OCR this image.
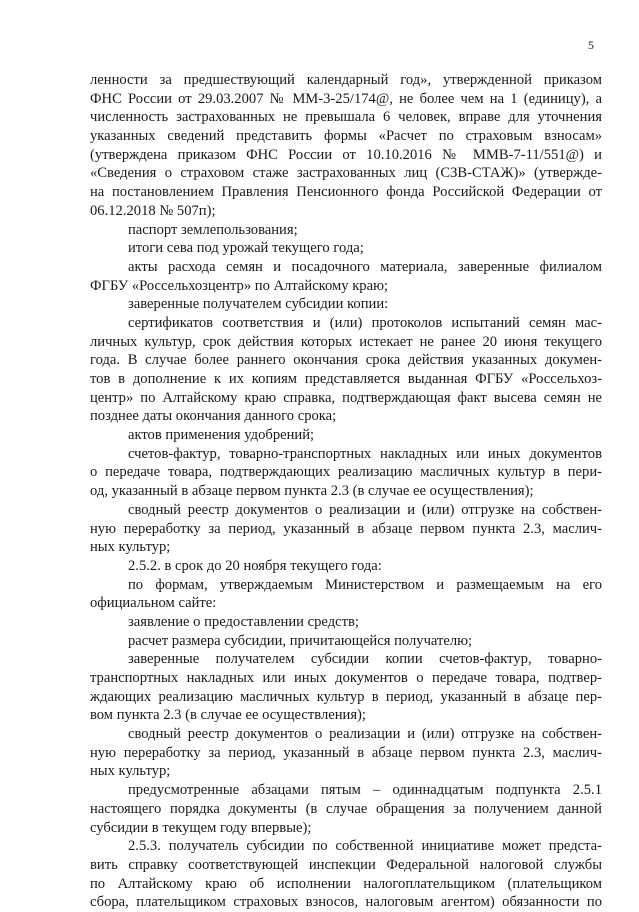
5
ленности за предшествующий календарный год», утвержденной приказом
ФНС России от 29.03.2007 № ММ-3-25/174@, не более чем на 1 (единицу), а
численность застрахованных не превышала 6 человек, вправе для уточнения
указанных сведений представить формы «Расчет по страховым взносам»
(утверждена приказом ФНС России от 10.10.2016 № ММВ-7-11/551@) и
«Сведения о страховом стаже застрахованных лиц (СЗВ-СТАЖ)» (утвержде-
на постановлением Правления Пенсионного фонда Российской Федерации от
06.12.2018 № 507п);
паспорт землепользования;
итоги сева под урожай текущего года;
акты расхода семян и посадочного материала, заверенные филиалом
ФГБУ «Россельхозцентр» по Алтайскому краю;
заверенные получателем субсидии копии:
сертификатов соответствия и (или) протоколов испытаний семян мас-
личных культур, срок действия которых истекает не ранее 20 июня текущего
года. В случае более раннего окончания срока действия указанных докумен-
тов в дополнение к их копиям представляется выданная ФГБУ «Россельхоз-
центр» по Алтайскому краю справка, подтверждающая факт высева семян не
позднее даты окончания данного срока;
актов применения удобрений;
счетов-фактур, товарно-транспортных накладных или иных документов
о передаче товара, подтверждающих реализацию масличных культур в пери-
од, указанный в абзаце первом пункта 2.3 (в случае ее осуществления);
сводный реестр документов о реализации и (или) отгрузке на собствен-
ную переработку за период, указанный в абзаце первом пункта 2.3, маслич-
ных культур;
2.5.2. в срок до 20 ноября текущего года:
по формам, утверждаемым Министерством и размещаемым на его
официальном сайте:
заявление о предоставлении средств;
расчет размера субсидии, причитающейся получателю;
заверенные получателем субсидии копии счетов-фактур, товарно-
транспортных накладных или иных документов о передаче товара, подтвер-
ждающих реализацию масличных культур в период, указанный в абзаце пер-
вом пункта 2.3 (в случае ее осуществления);
сводный реестр документов о реализации и (или) отгрузке на собствен-
ную переработку за период, указанный в абзаце первом пункта 2.3, маслич-
ных культур;
предусмотренные абзацами пятым – одиннадцатым подпункта 2.5.1
настоящего порядка документы (в случае обращения за получением данной
субсидии в текущем году впервые);
2.5.3. получатель субсидии по собственной инициативе может предста-
вить справку соответствующей инспекции Федеральной налоговой службы
по Алтайскому краю об исполнении налогоплательщиком (плательщиком
сбора, плательщиком страховых взносов, налоговым агентом) обязанности по
